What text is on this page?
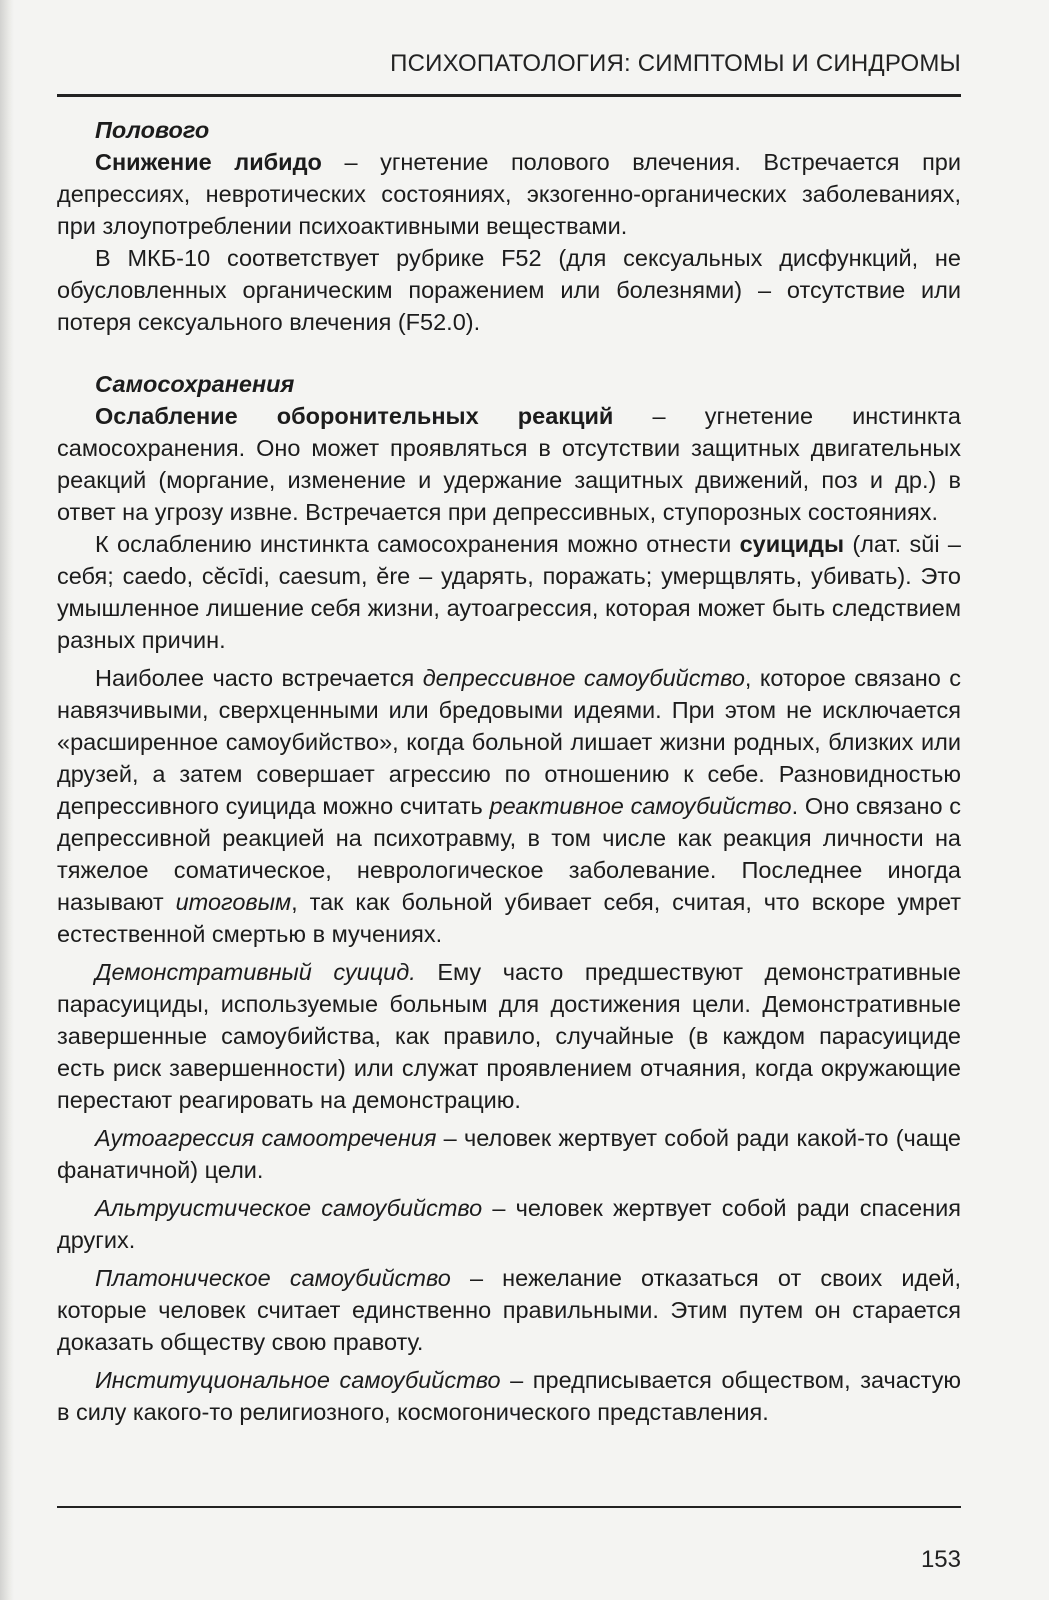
ПСИХОПАТОЛОГИЯ: СИМПТОМЫ И СИНДРОМЫ

Полового

Снижение либидо – угнетение полового влечения. Встречается при депрессиях, невротических состояниях, экзогенно-органических заболеваниях, при злоупотреблении психоактивными веществами.

В МКБ-10 соответствует рубрике F52 (для сексуальных дисфункций, не обусловленных органическим поражением или болезнями) – отсутствие или потеря сексуального влечения (F52.0).

Самосохранения

Ослабление оборонительных реакций – угнетение инстинкта самосохранения. Оно может проявляться в отсутствии защитных двигательных реакций (моргание, изменение и удержание защитных движений, поз и др.) в ответ на угрозу извне. Встречается при депрессивных, ступорозных состояниях.

К ослаблению инстинкта самосохранения можно отнести суициды (лат. sŭi – себя; caedo, cĕcīdi, caesum, ĕre – ударять, поражать; умерщвлять, убивать). Это умышленное лишение себя жизни, аутоагрессия, которая может быть следствием разных причин.

Наиболее часто встречается депрессивное самоубийство, которое связано с навязчивыми, сверхценными или бредовыми идеями. При этом не исключается «расширенное самоубийство», когда больной лишает жизни родных, близких или друзей, а затем совершает агрессию по отношению к себе. Разновидностью депрессивного суицида можно считать реактивное самоубийство. Оно связано с депрессивной реакцией на психотравму, в том числе как реакция личности на тяжелое соматическое, неврологическое заболевание. Последнее иногда называют итоговым, так как больной убивает себя, считая, что вскоре умрет естественной смертью в мучениях.

Демонстративный суицид. Ему часто предшествуют демонстративные парасуициды, используемые больным для достижения цели. Демонстративные завершенные самоубийства, как правило, случайные (в каждом парасуициде есть риск завершенности) или служат проявлением отчаяния, когда окружающие перестают реагировать на демонстрацию.

Аутоагрессия самоотречения – человек жертвует собой ради какой-то (чаще фанатичной) цели.

Альтруистическое самоубийство – человек жертвует собой ради спасения других.

Платоническое самоубийство – нежелание отказаться от своих идей, которые человек считает единственно правильными. Этим путем он старается доказать обществу свою правоту.

Институциональное самоубийство – предписывается обществом, зачастую в силу какого-то религиозного, космогонического представления.

153
